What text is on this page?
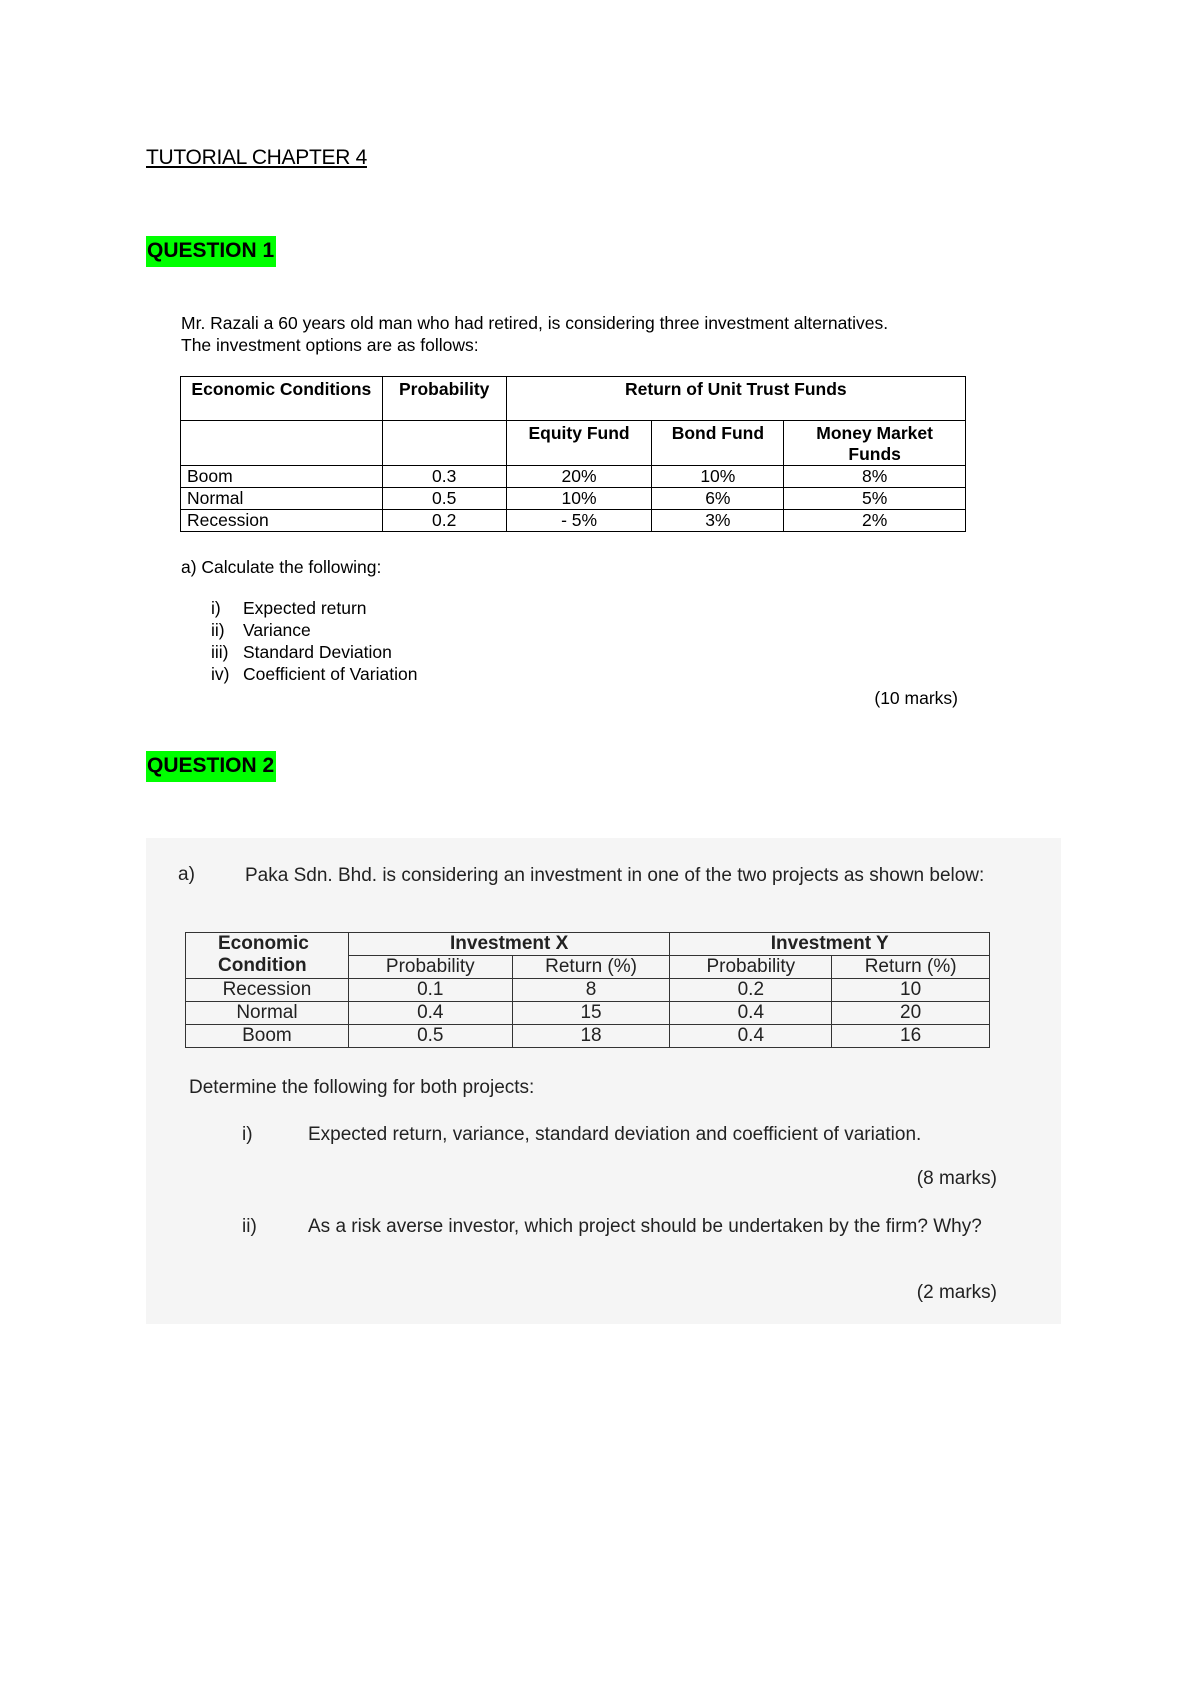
TUTORIAL CHAPTER 4
QUESTION 1

Mr. Razali a 60 years old man who had retired, is considering three investment alternatives.
The investment options are as follows:

Economic Conditions	Probability	Return of Unit Trust Funds		
		Equity Fund	Bond Fund	Money Market Funds
Boom	0.3	20%	10%	8%
Normal	0.5	10%	6%	5%
Recession	0.2	- 5%	3%	2%

a) Calculate the following:

i)	Expected return
ii)	Variance
iii) Standard Deviation
iv) Coefficient of Variation

(10 marks)

QUESTION 2

a)	Paka Sdn. Bhd. is considering an investment in one of the two projects as shown below:

Economic Condition	Investment X		Investment Y	
	Probability	Return (%)	Probability	Return (%)
Recession	0.1	8	0.2	10
Normal	0.4	15	0.4	20
Boom	0.5	18	0.4	16

Determine the following for both projects:

i)	Expected return, variance, standard deviation and coefficient of variation.

(8 marks)

ii)	As a risk averse investor, which project should be undertaken by the firm? Why?

(2 marks)
